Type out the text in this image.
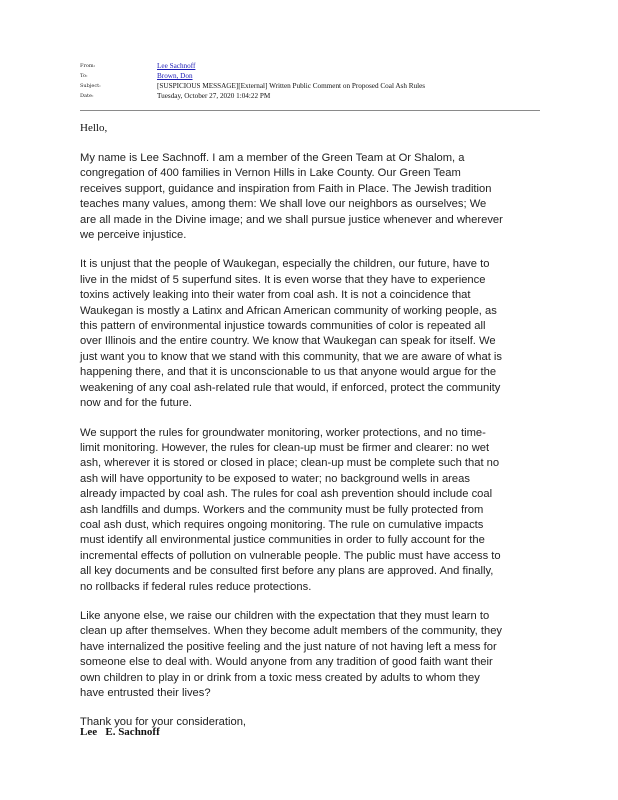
From:	Lee Sachnoff
To:	Brown, Don
Subject:	[SUSPICIOUS MESSAGE][External] Written Public Comment on Proposed Coal Ash Rules
Date:	Tuesday, October 27, 2020 1:04:22 PM
Hello,

My name is Lee Sachnoff. I am a member of the Green Team at Or Shalom, a
congregation of 400 families in Vernon Hills in Lake County. Our Green Team
receives support, guidance and inspiration from Faith in Place. The Jewish tradition
teaches many values, among them: We shall love our neighbors as ourselves; We
are all made in the Divine image; and we shall pursue justice whenever and wherever
we perceive injustice.

It is unjust that the people of Waukegan, especially the children, our future, have to
live in the midst of 5 superfund sites. It is even worse that they have to experience
toxins actively leaking into their water from coal ash. It is not a coincidence that
Waukegan is mostly a Latinx and African American community of working people, as
this pattern of environmental injustice towards communities of color is repeated all
over Illinois and the entire country. We know that Waukegan can speak for itself. We
just want you to know that we stand with this community, that we are aware of what is
happening there, and that it is unconscionable to us that anyone would argue for the
weakening of any coal ash-related rule that would, if enforced, protect the community
now and for the future.

We support the rules for groundwater monitoring, worker protections, and no time-
limit monitoring. However, the rules for clean-up must be firmer and clearer: no wet
ash, wherever it is stored or closed in place; clean-up must be complete such that no
ash will have opportunity to be exposed to water; no background wells in areas
already impacted by coal ash. The rules for coal ash prevention should include coal
ash landfills and dumps. Workers and the community must be fully protected from
coal ash dust, which requires ongoing monitoring. The rule on cumulative impacts
must identify all environmental justice communities in order to fully account for the
incremental effects of pollution on vulnerable people. The public must have access to
all key documents and be consulted first before any plans are approved. And finally,
no rollbacks if federal rules reduce protections.

Like anyone else, we raise our children with the expectation that they must learn to
clean up after themselves. When they become adult members of the community, they
have internalized the positive feeling and the just nature of not having left a mess for
someone else to deal with. Would anyone from any tradition of good faith want their
own children to play in or drink from a toxic mess created by adults to whom they
have entrusted their lives?

Thank you for your consideration,

Lee   E. Sachnoff
